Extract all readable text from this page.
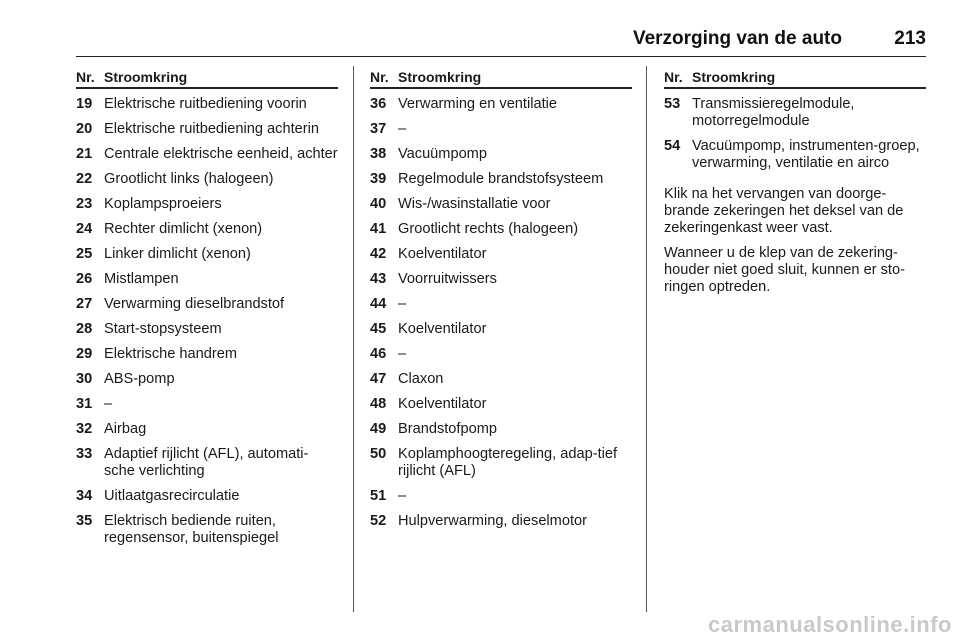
Verzorging van de auto	213
Nr. Stroomkring
19 Elektrische ruitbediening voorin
20 Elektrische ruitbediening achterin
21 Centrale elektrische eenheid, achter
22 Grootlicht links (halogeen)
23 Koplampsproeiers
24 Rechter dimlicht (xenon)
25 Linker dimlicht (xenon)
26 Mistlampen
27 Verwarming dieselbrandstof
28 Start-stopsysteem
29 Elektrische handrem
30 ABS-pomp
31 –
32 Airbag
33 Adaptief rijlicht (AFL), automati-sche verlichting
34 Uitlaatgasrecirculatie
35 Elektrisch bediende ruiten, regensensor, buitenspiegel
Nr. Stroomkring
36 Verwarming en ventilatie
37 –
38 Vacuümpomp
39 Regelmodule brandstofsysteem
40 Wis-/wasinstallatie voor
41 Grootlicht rechts (halogeen)
42 Koelventilator
43 Voorruitwissers
44 –
45 Koelventilator
46 –
47 Claxon
48 Koelventilator
49 Brandstofpomp
50 Koplamphoogteregeling, adap-tief rijlicht (AFL)
51 –
52 Hulpverwarming, dieselmotor
Nr. Stroomkring
53 Transmissieregelmodule, motorregelmodule
54 Vacuümpomp, instrumenten-groep, verwarming, ventilatie en airco

Klik na het vervangen van doorge-brande zekeringen het deksel van de zekeringenkast weer vast.

Wanneer u de klep van de zekering-houder niet goed sluit, kunnen er sto-ringen optreden.

carmanualsonline.info
